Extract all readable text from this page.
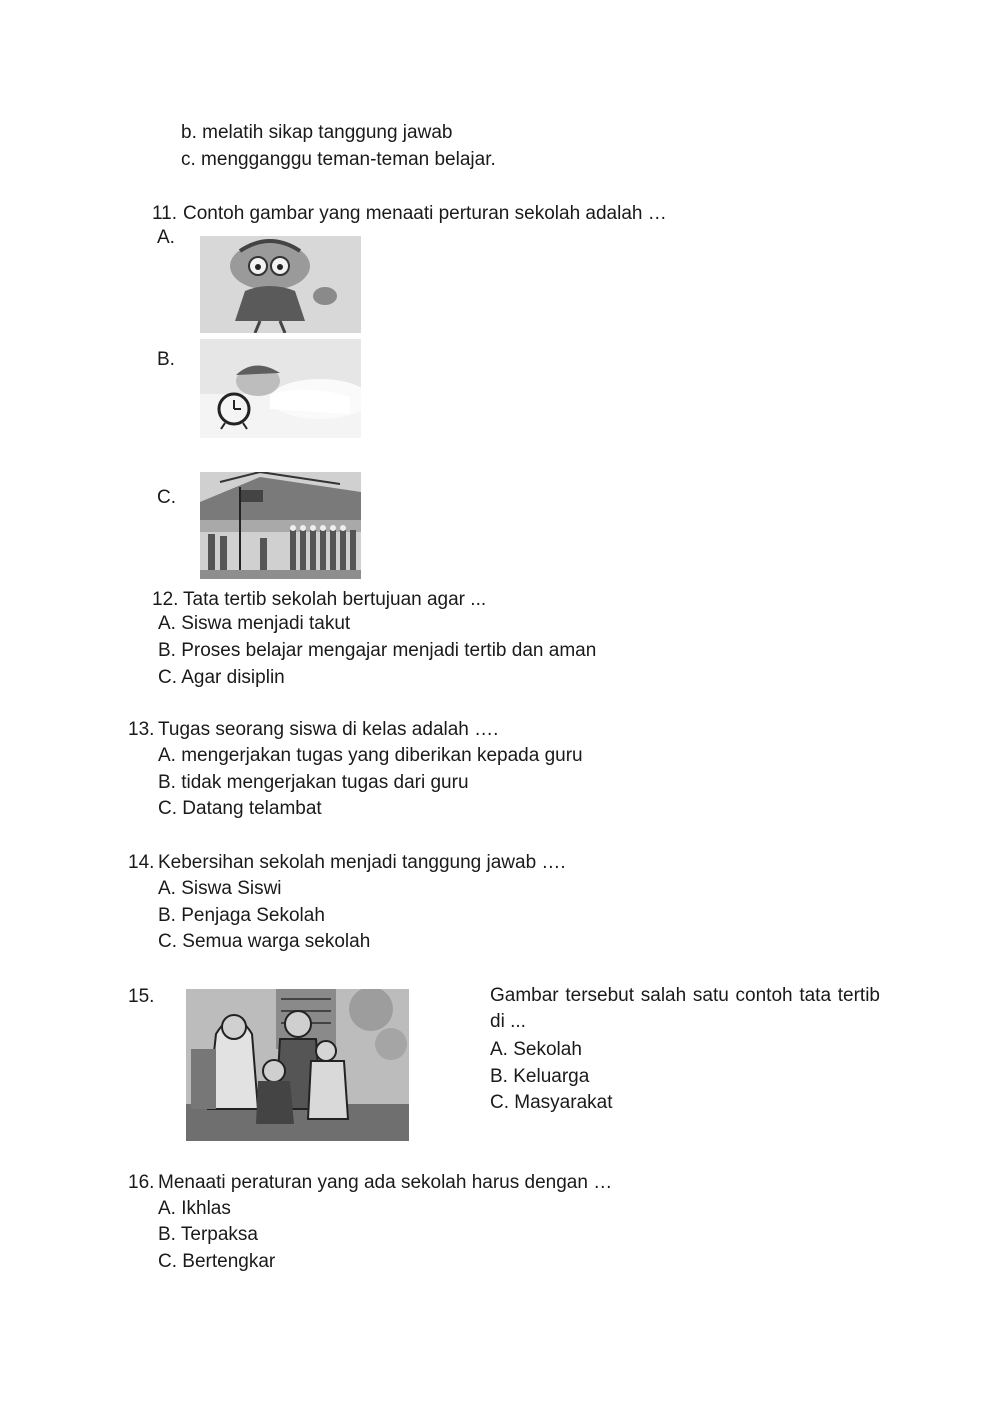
b. melatih sikap tanggung jawab
c. mengganggu teman-teman belajar.
11. Contoh gambar yang menaati perturan sekolah adalah …
A.
B.
C.
12. Tata tertib sekolah bertujuan agar ...
A. Siswa menjadi takut
B. Proses belajar mengajar menjadi tertib dan aman
C. Agar disiplin
13. Tugas seorang siswa di kelas adalah ….
A. mengerjakan tugas yang diberikan kepada guru
B. tidak mengerjakan tugas dari guru
C. Datang telambat
14. Kebersihan sekolah menjadi tanggung jawab ….
A. Siswa Siswi
B. Penjaga Sekolah
C. Semua warga sekolah
15.	Gambar tersebut salah satu contoh tata tertib di ...
A. Sekolah
B. Keluarga
C. Masyarakat
16. Menaati peraturan yang ada sekolah harus dengan …
A. Ikhlas
B. Terpaksa
C. Bertengkar
